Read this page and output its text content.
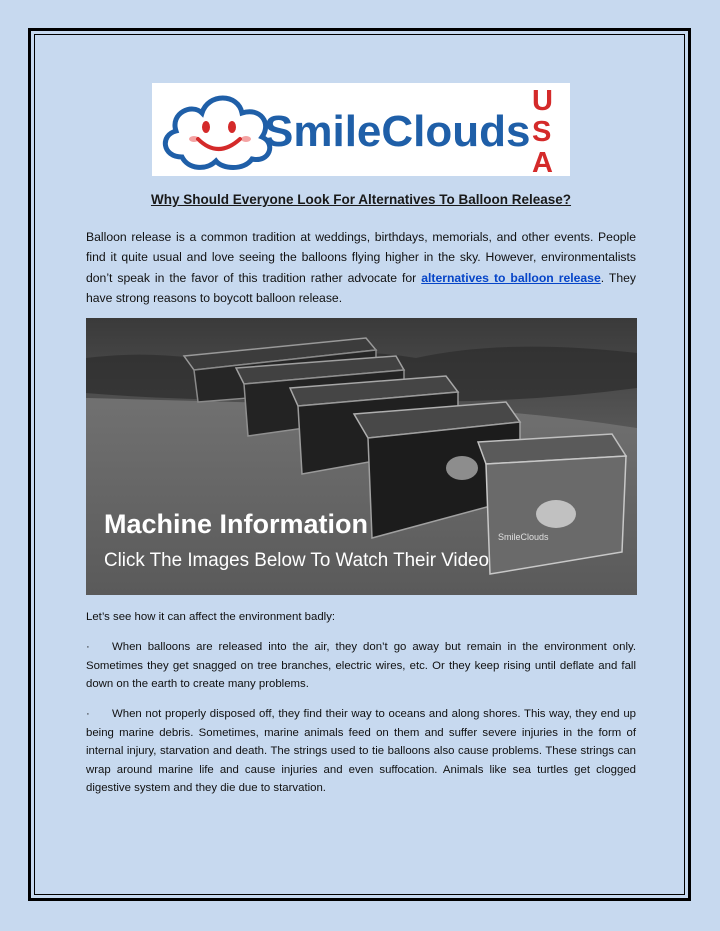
SmileClouds
U
S
A
Why Should Everyone Look For Alternatives To Balloon Release?

Balloon release is a common tradition at weddings, birthdays, memorials, and other events. People find it quite usual and love seeing the balloons flying higher in the sky. However, environmentalists don’t speak in the favor of this tradition rather advocate for alternatives to balloon release. They have strong reasons to boycott balloon release.

SmileClouds
Machine Information
Click The Images Below To Watch Their Video

Let’s see how it can affect the environment badly:

· When balloons are released into the air, they don’t go away but remain in the environment only. Sometimes they get snagged on tree branches, electric wires, etc. Or they keep rising until deflate and fall down on the earth to create many problems.

· When not properly disposed off, they find their way to oceans and along shores. This way, they end up being marine debris. Sometimes, marine animals feed on them and suffer severe injuries in the form of internal injury, starvation and death. The strings used to tie balloons also cause problems. These strings can wrap around marine life and cause injuries and even suffocation. Animals like sea turtles get clogged digestive system and they die due to starvation.
